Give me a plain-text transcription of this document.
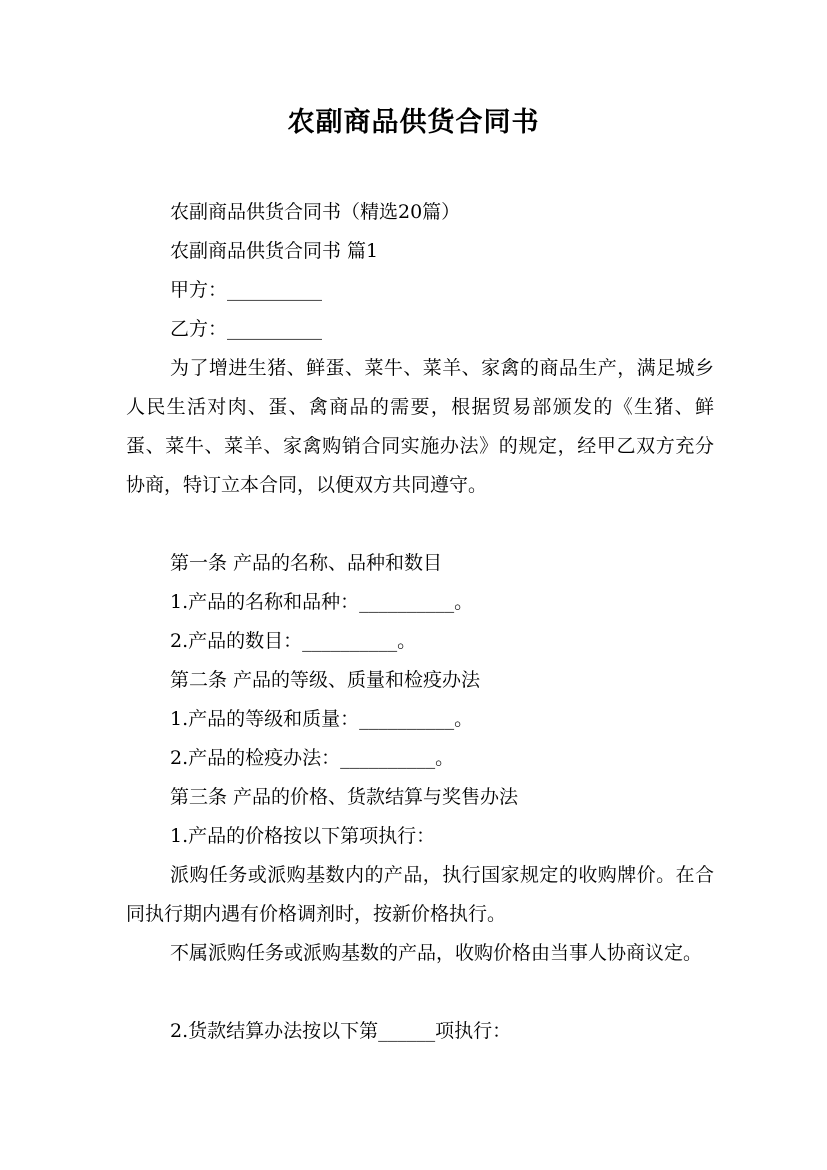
农副商品供货合同书
农副商品供货合同书（精选20篇）
农副商品供货合同书 篇1
甲方：__________
乙方：__________
为了增进生猪、鲜蛋、菜牛、菜羊、家禽的商品生产，满足城乡人民生活对肉、蛋、禽商品的需要，根据贸易部颁发的《生猪、鲜蛋、菜牛、菜羊、家禽购销合同实施办法》的规定，经甲乙双方充分协商，特订立本合同，以便双方共同遵守。
第一条 产品的名称、品种和数目
1.产品的名称和品种：__________。
2.产品的数目：__________。
第二条 产品的等级、质量和检疫办法
1.产品的等级和质量：__________。
2.产品的检疫办法：__________。
第三条 产品的价格、货款结算与奖售办法
1.产品的价格按以下第项执行：
派购任务或派购基数内的产品，执行国家规定的收购牌价。在合同执行期内遇有价格调剂时，按新价格执行。
不属派购任务或派购基数的产品，收购价格由当事人协商议定。
2.货款结算办法按以下第______项执行：
